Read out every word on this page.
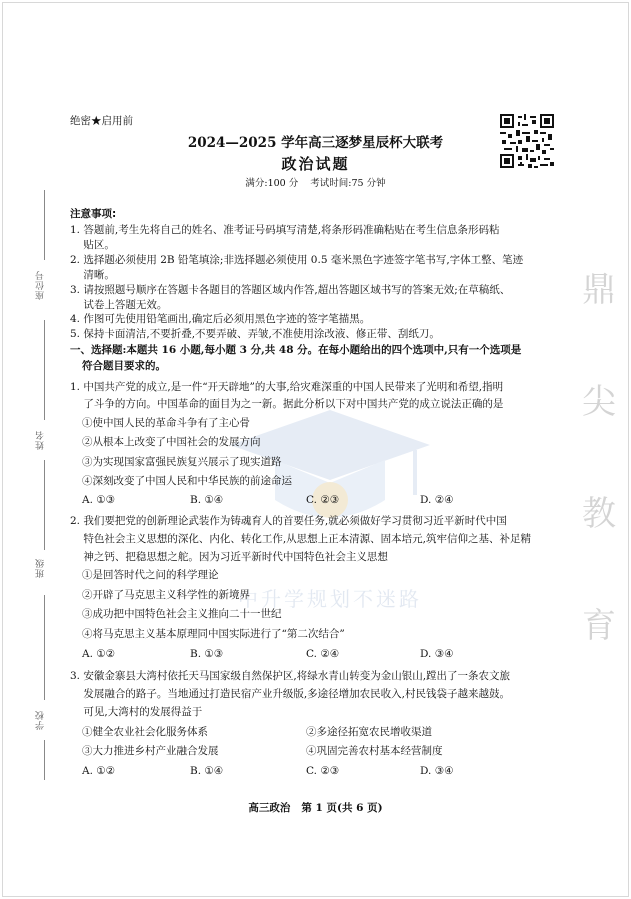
鼎
尖
教
育
中升学规划不迷路
绝密★启用前
2024—2025 学年高三逐梦星辰杯大联考
政治试题
满分:100 分    考试时间:75 分钟
座位号
姓名
班级
学校
注意事项:
1. 答题前,考生先将自己的姓名、准考证号码填写清楚,将条形码准确粘贴在考生信息条形码粘
贴区。
2. 选择题必须使用 2B 铅笔填涂;非选择题必须使用 0.5 毫米黑色字迹签字笔书写,字体工整、笔迹
清晰。
3. 请按照题号顺序在答题卡各题目的答题区域内作答,超出答题区域书写的答案无效;在草稿纸、
试卷上答题无效。
4. 作图可先使用铅笔画出,确定后必须用黑色字迹的签字笔描黑。
5. 保持卡面清洁,不要折叠,不要弄破、弄皱,不准使用涂改液、修正带、刮纸刀。
一、选择题:本题共 16 小题,每小题 3 分,共 48 分。在每小题给出的四个选项中,只有一个选项是
符合题目要求的。
1. 中国共产党的成立,是一件“开天辟地”的大事,给灾难深重的中国人民带来了光明和希望,指明
了斗争的方向。中国革命的面目为之一新。据此分析以下对中国共产党的成立说法正确的是
①使中国人民的革命斗争有了主心骨
②从根本上改变了中国社会的发展方向
③为实现国家富强民族复兴展示了现实道路
④深刻改变了中国人民和中华民族的前途命运
A. ①③	B. ①④	C. ②③	D. ②④
2. 我们要把党的创新理论武装作为铸魂育人的首要任务,就必须做好学习贯彻习近平新时代中国
特色社会主义思想的深化、内化、转化工作,从思想上正本清源、固本培元,筑牢信仰之基、补足精
神之钙、把稳思想之舵。因为习近平新时代中国特色社会主义思想
①是回答时代之问的科学理论
②开辟了马克思主义科学性的新境界
③成功把中国特色社会主义推向二十一世纪
④将马克思主义基本原理同中国实际进行了“第二次结合”
A. ①②	B. ①③	C. ②④	D. ③④
3. 安徽金寨县大湾村依托天马国家级自然保护区,将绿水青山转变为金山银山,蹚出了一条农文旅
发展融合的路子。当地通过打造民宿产业升级版,多途径增加农民收入,村民钱袋子越来越鼓。
可见,大湾村的发展得益于
①健全农业社会化服务体系	②多途径拓宽农民增收渠道
③大力推进乡村产业融合发展	④巩固完善农村基本经营制度
A. ①②	B. ①④	C. ②③	D. ③④
高三政治   第 1 页(共 6 页)
